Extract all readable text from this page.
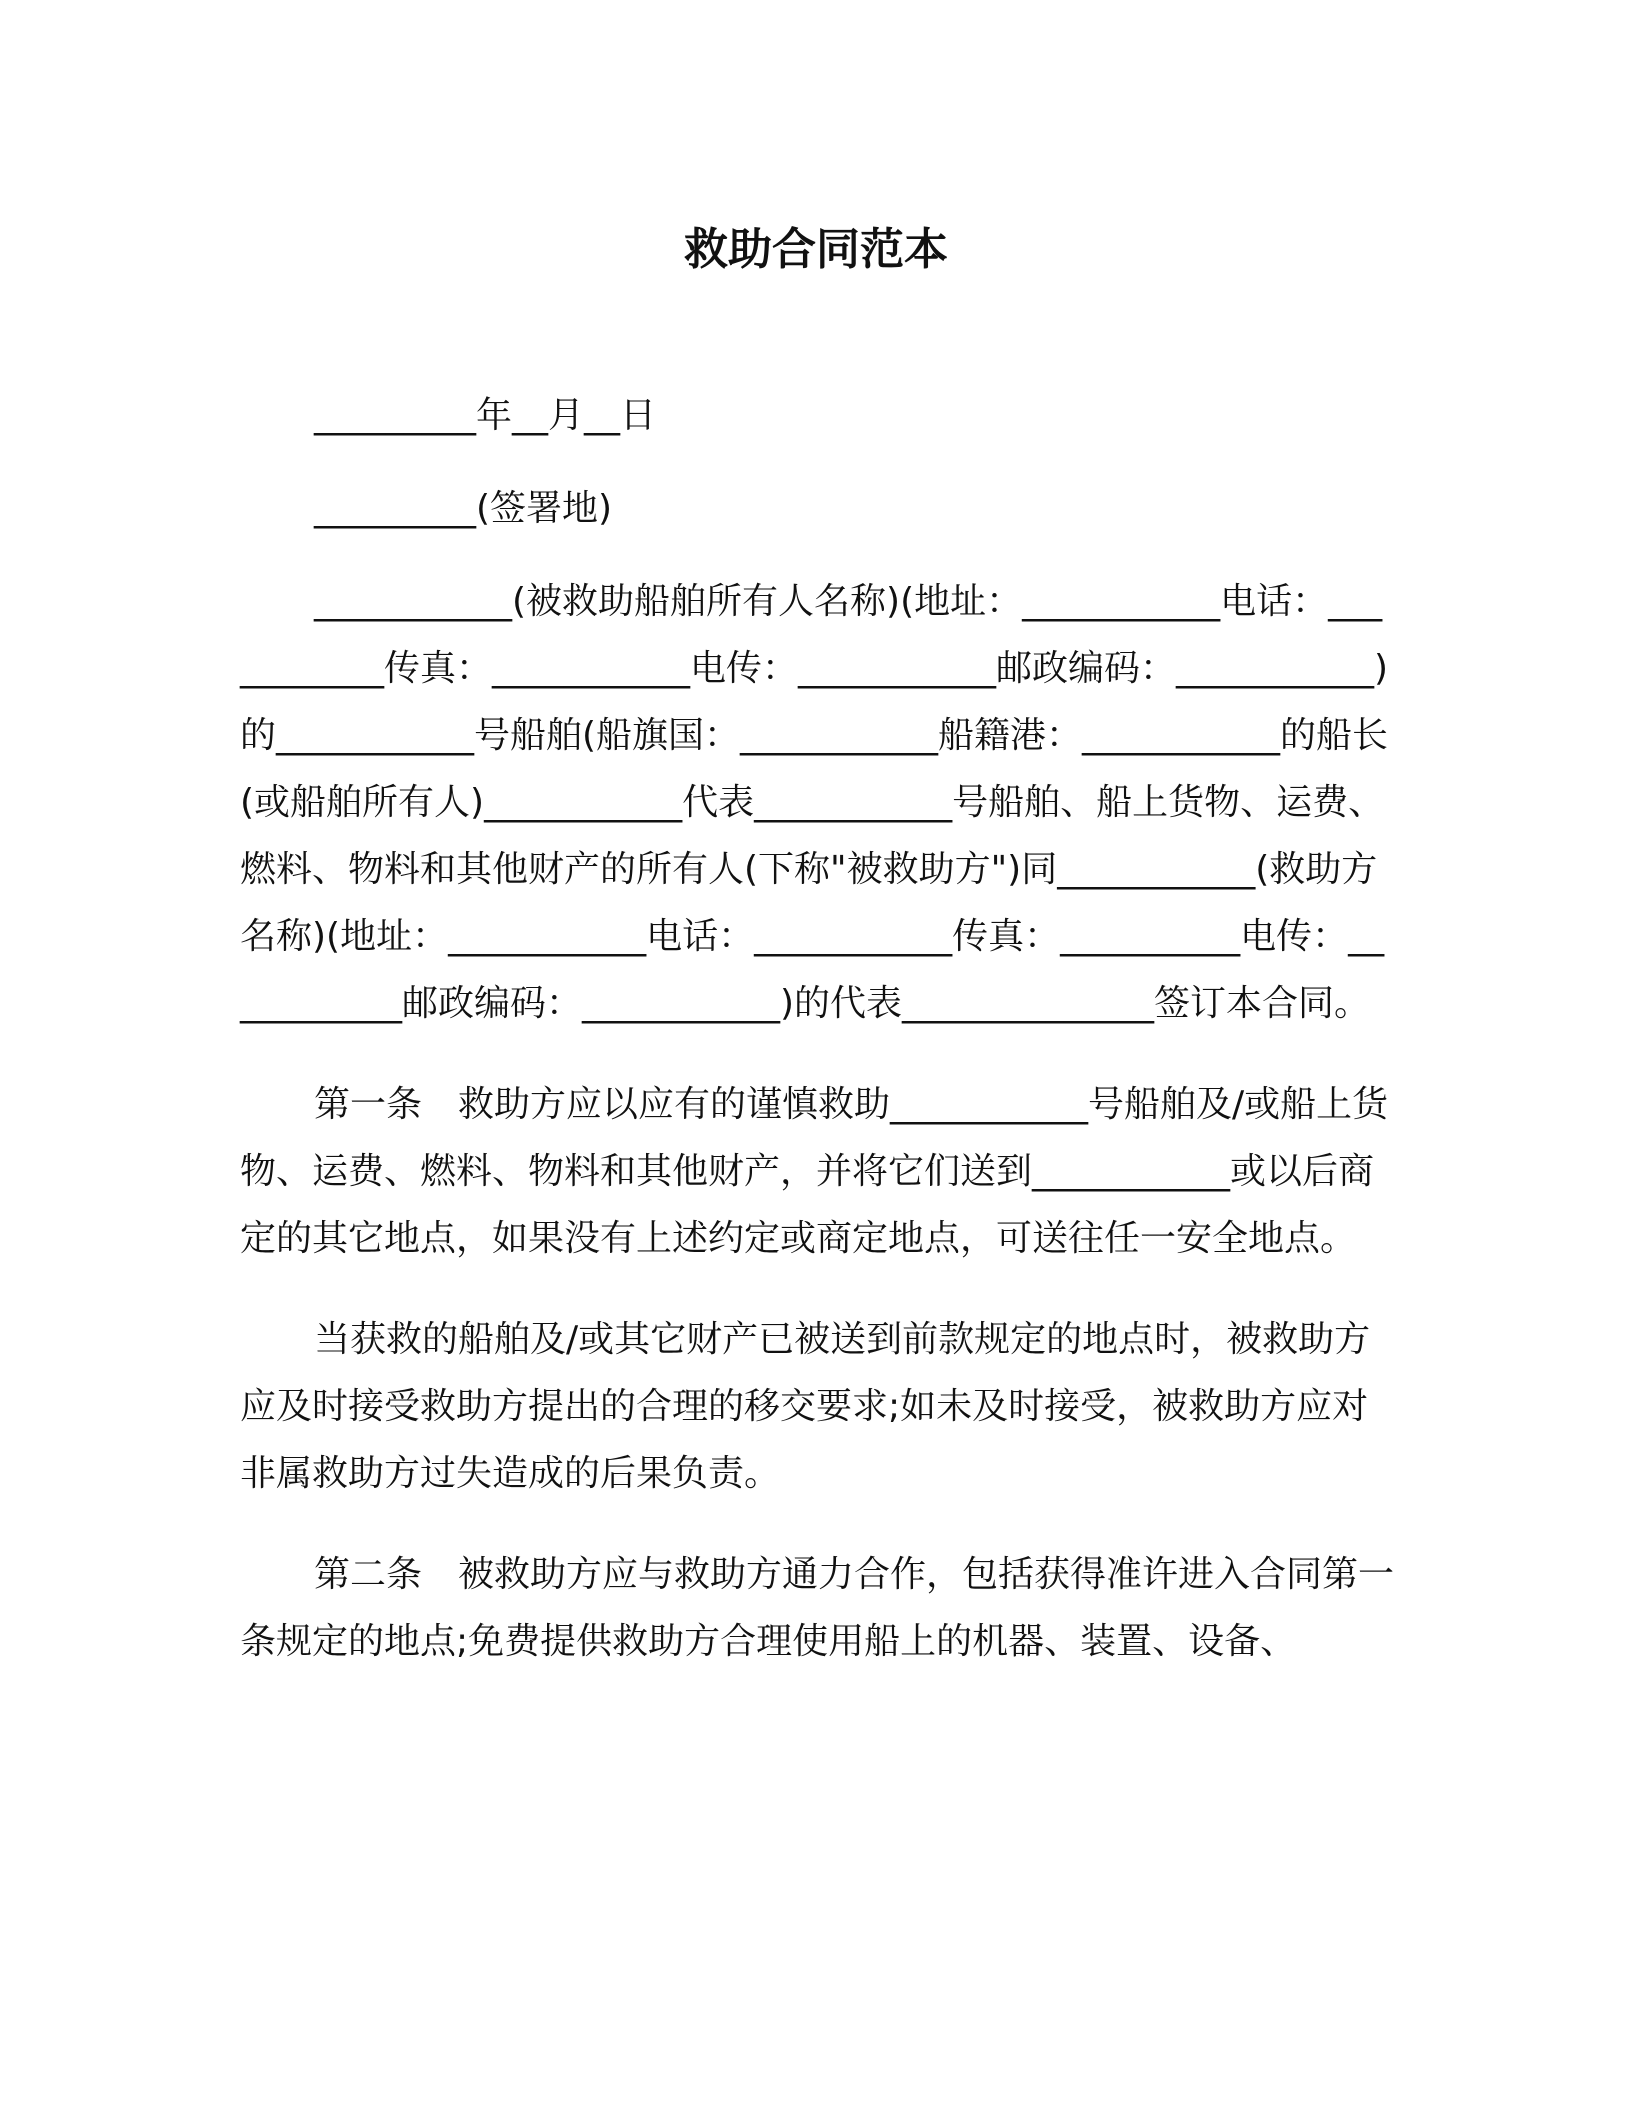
救助合同范本

_________年__月__日

_________(签署地)

___________(被救助船舶所有人名称)(地址：___________电话：___________传真：___________电传：___________邮政编码：___________)的___________号船舶(船旗国：___________船籍港：___________的船长(或船舶所有人)___________代表___________号船舶、船上货物、运费、燃料、物料和其他财产的所有人(下称"被救助方")同___________(救助方名称)(地址：___________电话：___________传真：__________电传：___________邮政编码：___________)的代表______________签订本合同。

第一条　救助方应以应有的谨慎救助___________号船舶及/或船上货物、运费、燃料、物料和其他财产，并将它们送到___________或以后商定的其它地点，如果没有上述约定或商定地点，可送往任一安全地点。

当获救的船舶及/或其它财产已被送到前款规定的地点时，被救助方应及时接受救助方提出的合理的移交要求;如未及时接受，被救助方应对非属救助方过失造成的后果负责。

第二条　被救助方应与救助方通力合作，包括获得准许进入合同第一条规定的地点;免费提供救助方合理使用船上的机器、装置、设备、
